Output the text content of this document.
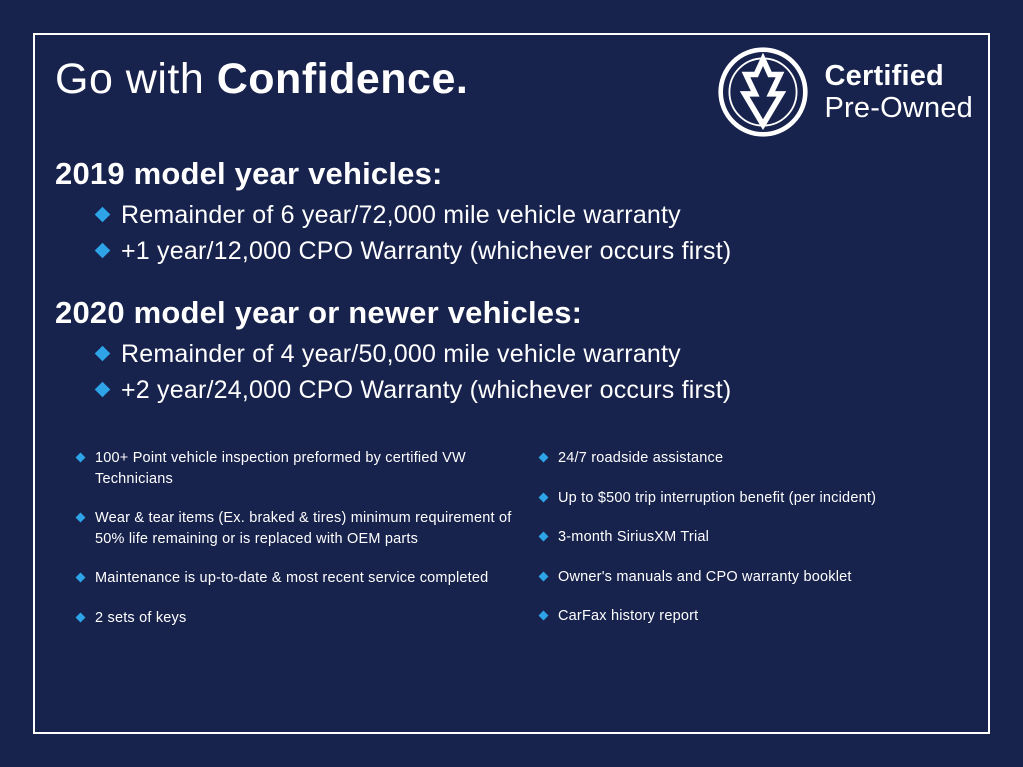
Go with Confidence.	Certified
Pre-Owned
2019 model year vehicles:
Remainder of 6 year/72,000 mile vehicle warranty
+1 year/12,000 CPO Warranty (whichever occurs first)
2020 model year or newer vehicles:
Remainder of 4 year/50,000 mile vehicle warranty
+2 year/24,000 CPO Warranty (whichever occurs first)
100+ Point vehicle inspection preformed by certified VW Technicians
Wear & tear items (Ex. braked & tires) minimum requirement of 50% life remaining or is replaced with OEM parts
Maintenance is up-to-date & most recent service completed
2 sets of keys
24/7 roadside assistance
Up to $500 trip interruption benefit (per incident)
3-month SiriusXM Trial
Owner's manuals and CPO warranty booklet
CarFax history report
